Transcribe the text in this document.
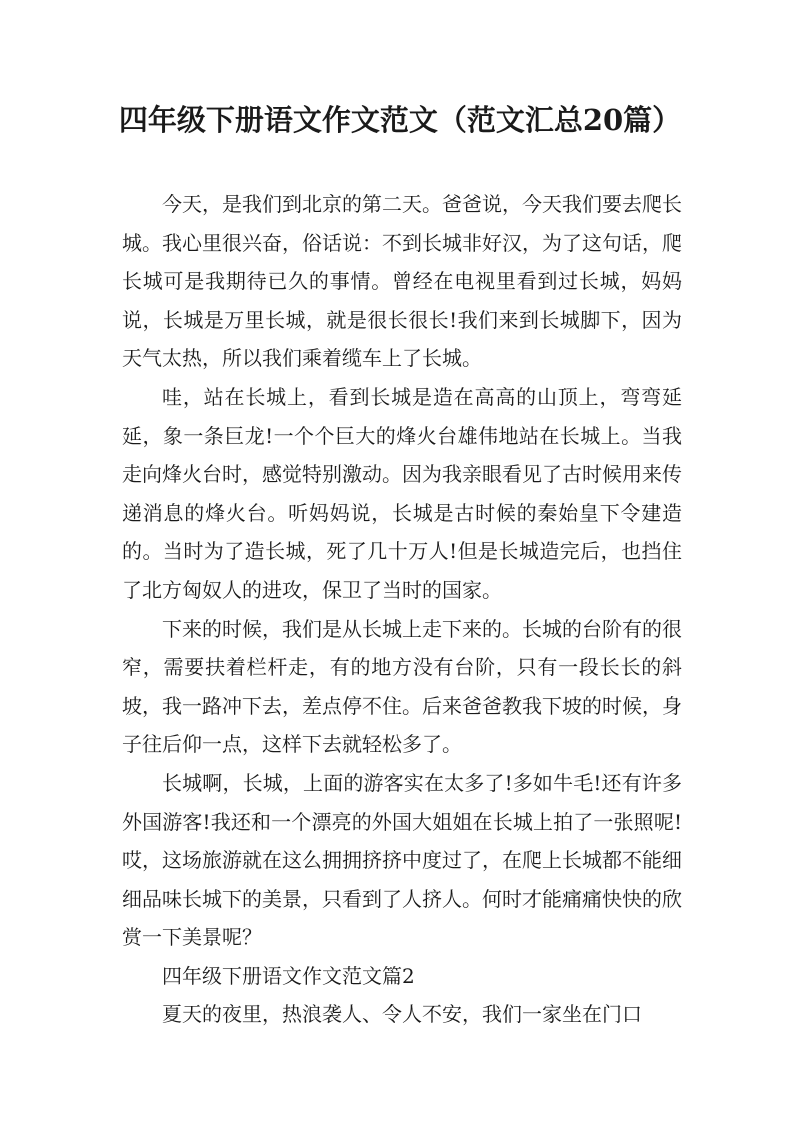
四年级下册语文作文范文（范文汇总20篇）

今天，是我们到北京的第二天。爸爸说，今天我们要去爬长城。我心里很兴奋，俗话说：不到长城非好汉，为了这句话，爬长城可是我期待已久的事情。曾经在电视里看到过长城，妈妈说，长城是万里长城，就是很长很长!我们来到长城脚下，因为天气太热，所以我们乘着缆车上了长城。

哇，站在长城上，看到长城是造在高高的山顶上，弯弯延延，象一条巨龙!一个个巨大的烽火台雄伟地站在长城上。当我走向烽火台时，感觉特别激动。因为我亲眼看见了古时候用来传递消息的烽火台。听妈妈说，长城是古时候的秦始皇下令建造的。当时为了造长城，死了几十万人!但是长城造完后，也挡住了北方匈奴人的进攻，保卫了当时的国家。

下来的时候，我们是从长城上走下来的。长城的台阶有的很窄，需要扶着栏杆走，有的地方没有台阶，只有一段长长的斜坡，我一路冲下去，差点停不住。后来爸爸教我下坡的时候，身子往后仰一点，这样下去就轻松多了。

长城啊，长城，上面的游客实在太多了!多如牛毛!还有许多外国游客!我还和一个漂亮的外国大姐姐在长城上拍了一张照呢!哎，这场旅游就在这么拥拥挤挤中度过了，在爬上长城都不能细细品味长城下的美景，只看到了人挤人。何时才能痛痛快快的欣赏一下美景呢？

四年级下册语文作文范文篇2

夏天的夜里，热浪袭人、令人不安，我们一家坐在门口
